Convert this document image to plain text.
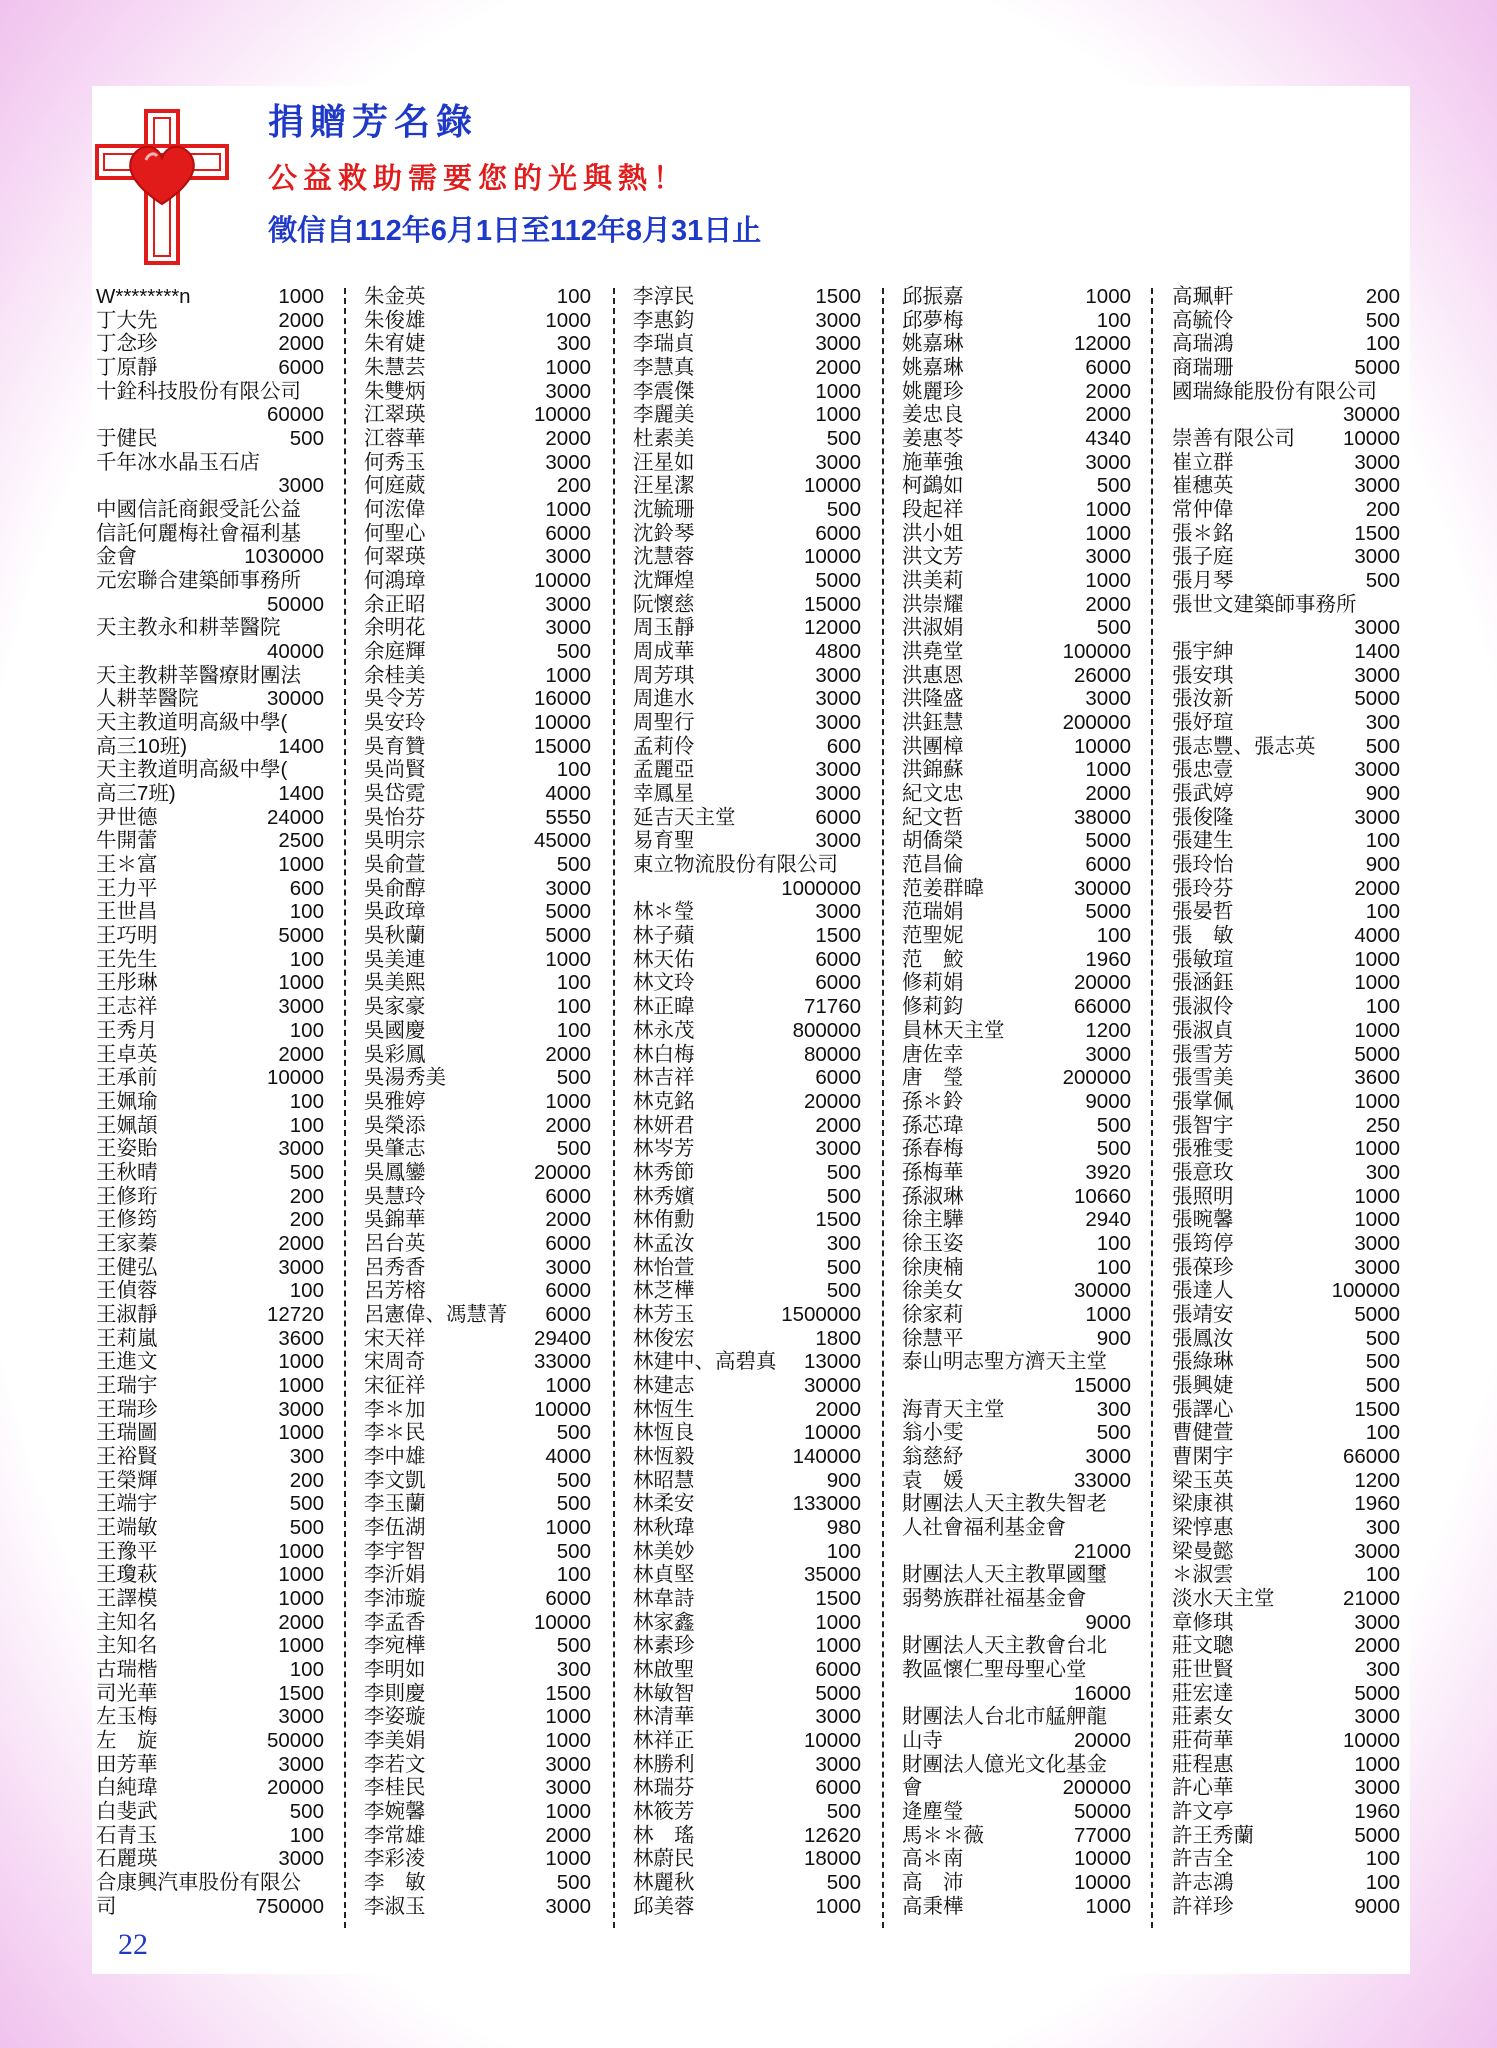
捐贈芳名錄
公益救助需要您的光與熱！
徵信自112年6月1日至112年8月31日止
W********n	1000
丁大先	2000
丁念珍	2000
丁原靜	6000
十銓科技股份有限公司
60000
于健民	500
千年冰水晶玉石店
3000
中國信託商銀受託公益
信託何麗梅社會福利基
金會	1030000
元宏聯合建築師事務所
50000
天主教永和耕莘醫院
40000
天主教耕莘醫療財團法
人耕莘醫院	30000
天主教道明高級中學(
高三10班)	1400
天主教道明高級中學(
高三7班)	1400
尹世德	24000
牛開蕾	2500
王＊富	1000
王力平	600
王世昌	100
王巧明	5000
王先生	100
王彤琳	1000
王志祥	3000
王秀月	100
王卓英	2000
王承前	10000
王姵瑜	100
王姵頡	100
王姿貽	3000
王秋晴	500
王修珩	200
王修筠	200
王家蓁	2000
王健弘	3000
王偵蓉	100
王淑靜	12720
王莉嵐	3600
王進文	1000
王瑞宇	1000
王瑞珍	3000
王瑞圖	1000
王裕賢	300
王榮輝	200
王端宇	500
王端敏	500
王豫平	1000
王瓊萩	1000
王譯模	1000
主知名	2000
主知名	1000
古瑞楷	100
司光華	1500
左玉梅	3000
左　旋	50000
田芳華	3000
白純瑋	20000
白斐武	500
石青玉	100
石麗瑛	3000
合康興汽車股份有限公
司	750000
朱金英	100
朱俊雄	1000
朱宥婕	300
朱慧芸	1000
朱雙炳	3000
江翠瑛	10000
江蓉華	2000
何秀玉	3000
何庭葳	200
何浤偉	1000
何聖心	6000
何翠瑛	3000
何鴻璋	10000
余正昭	3000
余明花	3000
余庭輝	500
余桂美	1000
吳令芳	16000
吳安玲	10000
吳育贊	15000
吳尚賢	100
吳岱霓	4000
吳怡芬	5550
吳明宗	45000
吳俞萱	500
吳俞醇	3000
吳政璋	5000
吳秋蘭	5000
吳美連	1000
吳美熙	100
吳家豪	100
吳國慶	100
吳彩鳳	2000
吳湯秀美	500
吳雅婷	1000
吳榮添	2000
吳肇志	500
吳鳳鑾	20000
吳慧玲	6000
吳錦華	2000
呂台英	6000
呂秀香	3000
呂芳榕	6000
呂憲偉、馮慧菁 6000
宋天祥	29400
宋周奇	33000
宋征祥	1000
李＊加	10000
李＊民	500
李中雄	4000
李文凱	500
李玉蘭	500
李伍湖	1000
李宇智	500
李沂娟	100
李沛璇	6000
李孟香	10000
李宛樺	500
李明如	300
李則慶	1500
李姿璇	1000
李美娟	1000
李若文	3000
李桂民	3000
李婉馨	1000
李常雄	2000
李彩淩	1000
李　敏	500
李淑玉	3000
李淳民	1500
李惠鈞	3000
李瑞貞	3000
李慧真	2000
李震傑	1000
李麗美	1000
杜素美	500
汪星如	3000
汪星潔	10000
沈毓珊	500
沈鈴琴	6000
沈慧蓉	10000
沈輝煌	5000
阮懷慈	15000
周玉靜	12000
周成華	4800
周芳琪	3000
周進水	3000
周聖行	3000
孟莉伶	600
孟麗亞	3000
幸鳳星	3000
延吉天主堂	6000
易育聖	3000
東立物流股份有限公司
1000000
林＊瑩	3000
林子蘋	1500
林天佑	6000
林文玲	6000
林正暐	71760
林永茂	800000
林白梅	80000
林吉祥	6000
林克銘	20000
林妍君	2000
林岑芳	3000
林秀節	500
林秀嬪	500
林侑勳	1500
林孟汝	300
林怡萱	500
林芝樺	500
林芳玉	1500000
林俊宏	1800
林建中、高碧真 13000
林建志	30000
林恆生	2000
林恆良	10000
林恆毅	140000
林昭慧	900
林柔安	133000
林秋瑋	980
林美妙	100
林貞堅	35000
林韋詩	1500
林家鑫	1000
林素珍	1000
林啟聖	6000
林敏智	5000
林清華	3000
林祥正	10000
林勝利	3000
林瑞芬	6000
林筱芳	500
林　瑤	12620
林蔚民	18000
林麗秋	500
邱美蓉	1000
邱振嘉	1000
邱夢梅	100
姚嘉琳	12000
姚嘉琳	6000
姚麗珍	2000
姜忠良	2000
姜惠苓	4340
施華強	3000
柯鷁如	500
段起祥	1000
洪小姐	1000
洪文芳	3000
洪美莉	1000
洪崇耀	2000
洪淑娟	500
洪堯堂	100000
洪惠恩	26000
洪隆盛	3000
洪鈺慧	200000
洪團樟	10000
洪錦蘇	1000
紀文忠	2000
紀文哲	38000
胡僑榮	5000
范昌倫	6000
范姜群暐	30000
范瑞娟	5000
范聖妮	100
范　鮫	1960
修莉娟	20000
修莉鈞	66000
員林天主堂	1200
唐佐幸	3000
唐　瑩	200000
孫＊鈴	9000
孫芯瑋	500
孫春梅	500
孫梅華	3920
孫淑琳	10660
徐主驊	2940
徐玉姿	100
徐庚楠	100
徐美女	30000
徐家莉	1000
徐慧平	900
泰山明志聖方濟天主堂
15000
海青天主堂	300
翁小雯	500
翁慈紓	3000
袁　媛	33000
財團法人天主教失智老
人社會福利基金會
21000
財團法人天主教單國璽
弱勢族群社福基金會
9000
財團法人天主教會台北
教區懷仁聖母聖心堂
16000
財團法人台北市艋舺龍
山寺	20000
財團法人億光文化基金
會	200000
逄塵瑩	50000
馬＊＊薇	77000
高＊南	10000
高　沛	10000
高秉樺	1000
高珮軒	200
高毓伶	500
高瑞鴻	100
商瑞珊	5000
國瑞綠能股份有限公司
30000
崇善有限公司 10000
崔立群	3000
崔穗英	3000
常仲偉	200
張＊銘	1500
張子庭	3000
張月琴	500
張世文建築師事務所
3000
張宇紳	1400
張安琪	3000
張汝新	5000
張妤瑄	300
張志豐、張志英 500
張忠壹	3000
張武婷	900
張俊隆	3000
張建生	100
張玲怡	900
張玲芬	2000
張晏哲	100
張　敏	4000
張敏瑄	1000
張涵鈺	1000
張淑伶	100
張淑貞	1000
張雪芳	5000
張雪美	3600
張掌佩	1000
張智宇	250
張雅雯	1000
張意玫	300
張照明	1000
張晼馨	1000
張筠停	3000
張葆珍	3000
張達人	100000
張靖安	5000
張鳳汝	500
張綠琳	500
張興婕	500
張譯心	1500
曹健萱	100
曹閑宇	66000
梁玉英	1200
梁康祺	1960
梁惇惠	300
梁曼懿	3000
＊淑雲	100
淡水天主堂	21000
章修琪	3000
莊文聰	2000
莊世賢	300
莊宏達	5000
莊素女	3000
莊荷華	10000
莊程惠	1000
許心華	3000
許文亭	1960
許王秀蘭	5000
許吉全	100
許志鴻	100
許祥珍	9000
22
